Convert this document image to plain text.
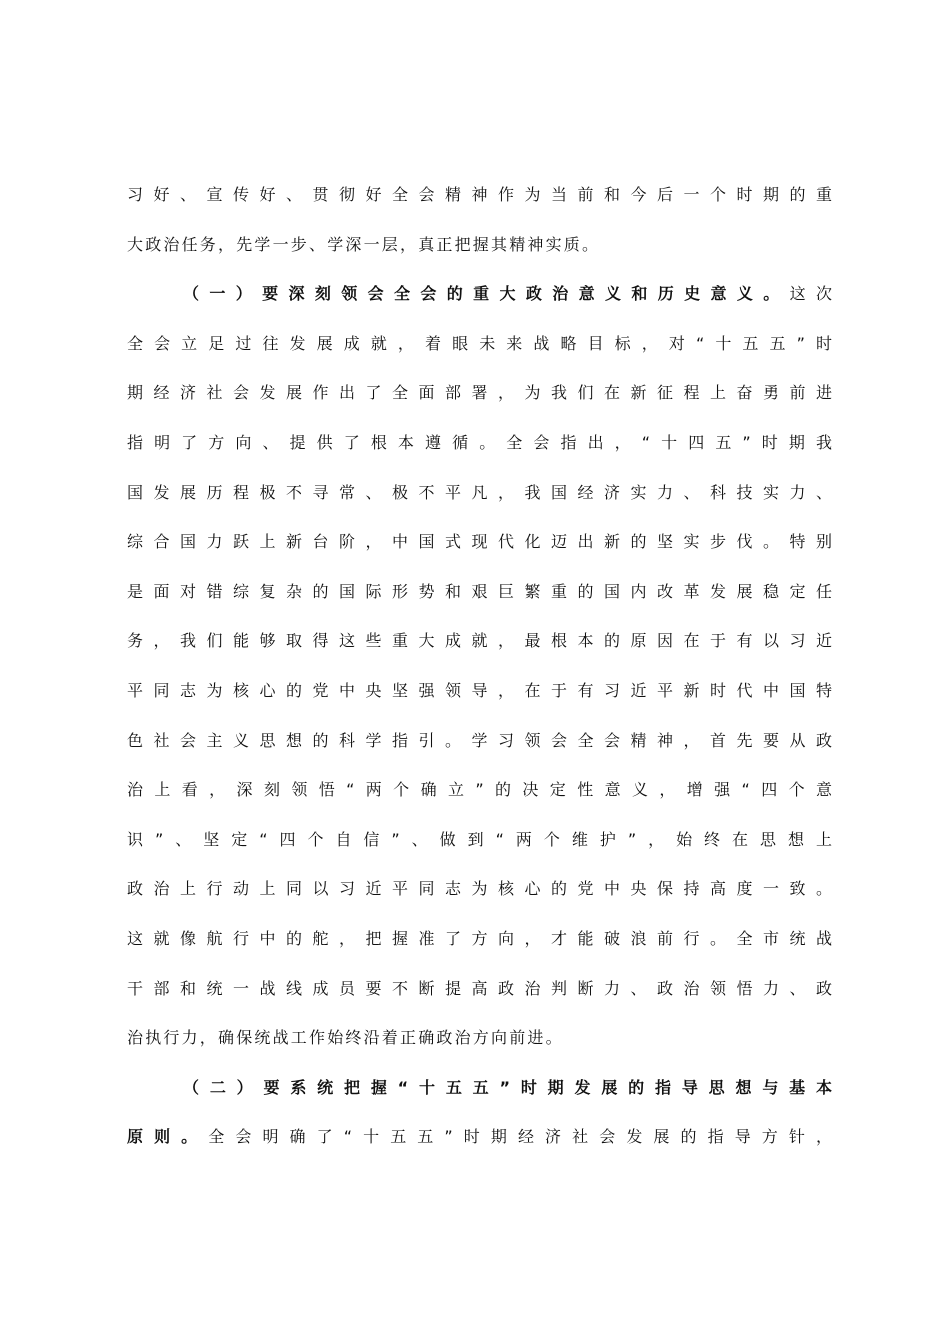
习好、宣传好、贯彻好全会精神作为当前和今后一个时期的重
大政治任务，先学一步、学深一层，真正把握其精神实质。
（一）要深刻领会全会的重大政治意义和历史意义。这次
全会立足过往发展成就，着眼未来战略目标，对“十五五”时
期经济社会发展作出了全面部署，为我们在新征程上奋勇前进
指明了方向、提供了根本遵循。全会指出，“十四五”时期我
国发展历程极不寻常、极不平凡，我国经济实力、科技实力、
综合国力跃上新台阶，中国式现代化迈出新的坚实步伐。特别
是面对错综复杂的国际形势和艰巨繁重的国内改革发展稳定任
务，我们能够取得这些重大成就，最根本的原因在于有以习近
平同志为核心的党中央坚强领导，在于有习近平新时代中国特
色社会主义思想的科学指引。学习领会全会精神，首先要从政
治上看，深刻领悟“两个确立”的决定性意义，增强“四个意
识”、坚定“四个自信”、做到“两个维护”，始终在思想上
政治上行动上同以习近平同志为核心的党中央保持高度一致。
这就像航行中的舵，把握准了方向，才能破浪前行。全市统战
干部和统一战线成员要不断提高政治判断力、政治领悟力、政
治执行力，确保统战工作始终沿着正确政治方向前进。
（二）要系统把握“十五五”时期发展的指导思想与基本
原则。全会明确了“十五五”时期经济社会发展的指导方针，
